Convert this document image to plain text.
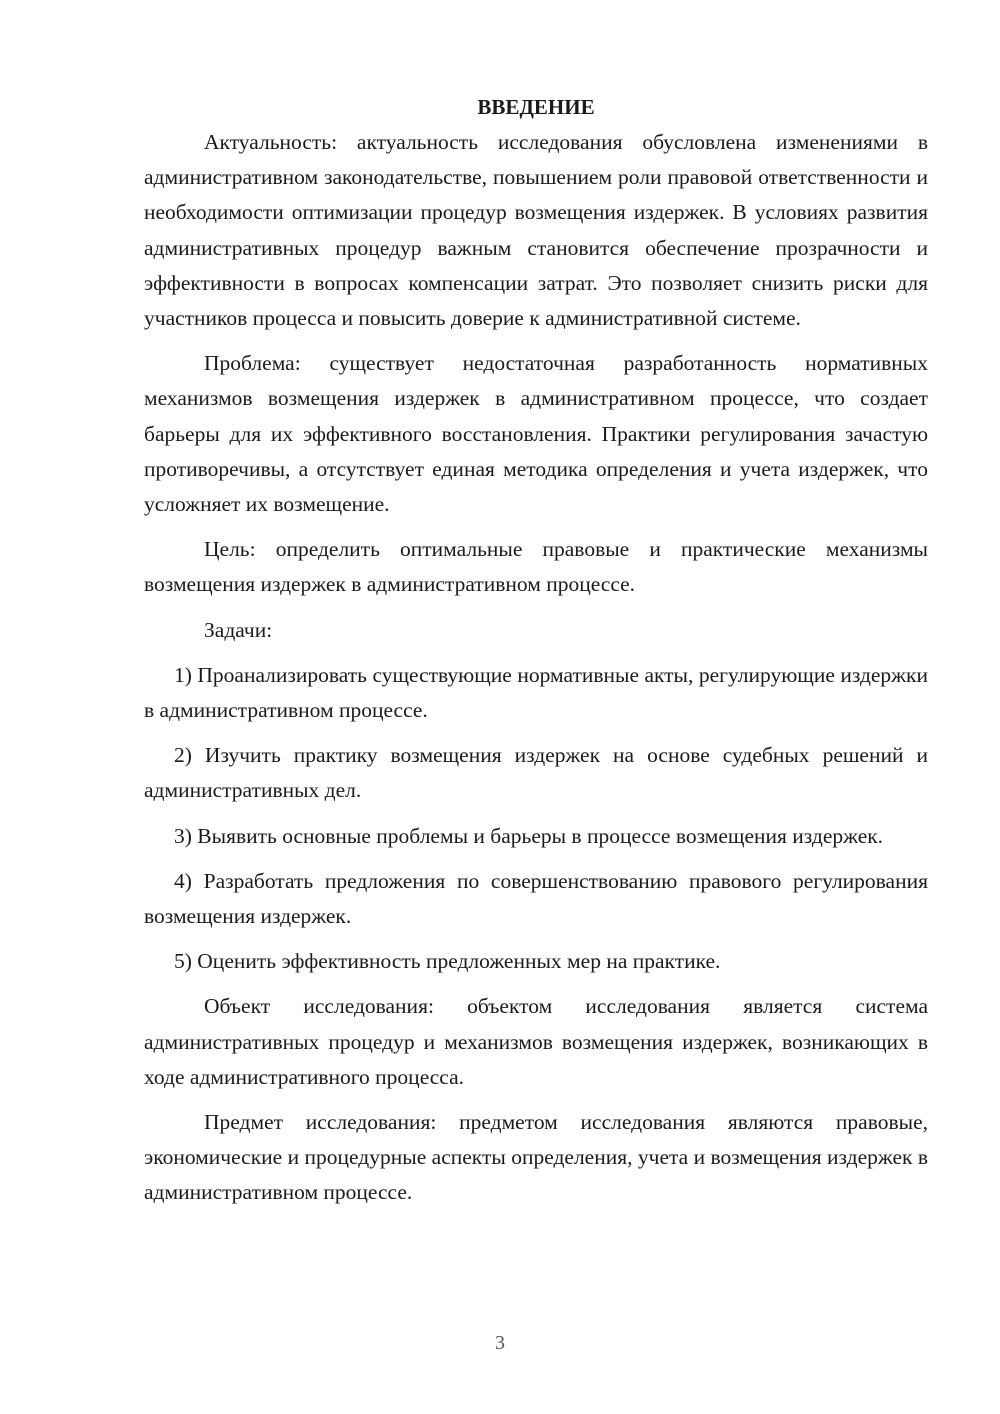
ВВЕДЕНИЕ

Актуальность: актуальность исследования обусловлена изменениями в административном законодательстве, повышением роли правовой ответственности и необходимости оптимизации процедур возмещения издержек. В условиях развития административных процедур важным становится обеспечение прозрачности и эффективности в вопросах компенсации затрат. Это позволяет снизить риски для участников процесса и повысить доверие к административной системе.

Проблема: существует недостаточная разработанность нормативных механизмов возмещения издержек в административном процессе, что создает барьеры для их эффективного восстановления. Практики регулирования зачастую противоречивы, а отсутствует единая методика определения и учета издержек, что усложняет их возмещение.

Цель: определить оптимальные правовые и практические механизмы возмещения издержек в административном процессе.

Задачи:

1) Проанализировать существующие нормативные акты, регулирующие издержки в административном процессе.

2) Изучить практику возмещения издержек на основе судебных решений и административных дел.

3) Выявить основные проблемы и барьеры в процессе возмещения издержек.

4) Разработать предложения по совершенствованию правового регулирования возмещения издержек.

5) Оценить эффективность предложенных мер на практике.

Объект исследования: объектом исследования является система административных процедур и механизмов возмещения издержек, возникающих в ходе административного процесса.

Предмет исследования: предметом исследования являются правовые, экономические и процедурные аспекты определения, учета и возмещения издержек в административном процессе.

3
